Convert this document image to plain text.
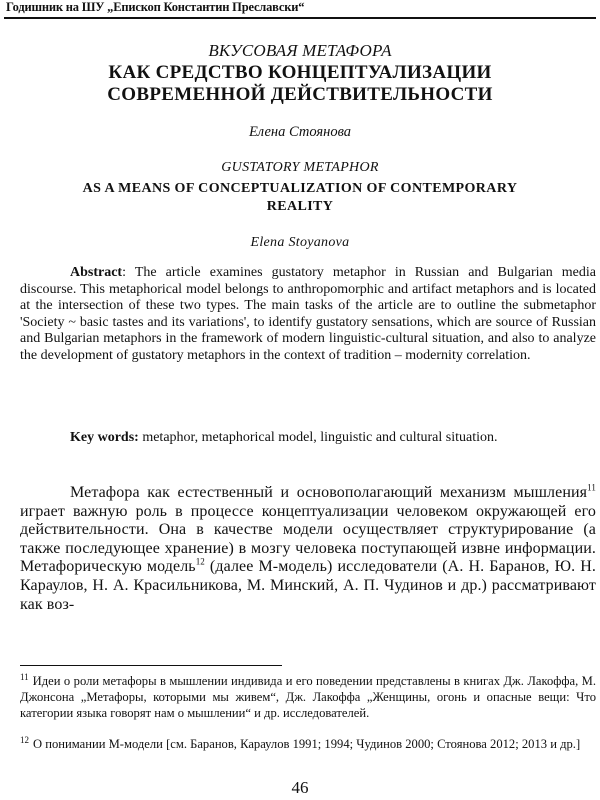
Годишник на ШУ „Епископ Константин Преславски“
ВКУСОВАЯ МЕТАФОРА
КАК СРЕДСТВО КОНЦЕПТУАЛИЗАЦИИ
СОВРЕМЕННОЙ ДЕЙСТВИТЕЛЬНОСТИ
Елена Стоянова
GUSTATORY METAPHOR
AS A MEANS OF CONCEPTUALIZATION OF CONTEMPORARY
REALITY
Elena Stoyanova
Abstract: The article examines gustatory metaphor in Russian and Bulgarian media discourse. This metaphorical model belongs to anthropomorphic and artifact metaphors and is located at the intersection of these two types. The main tasks of the article are to outline the submetaphor 'Society ~ basic tastes and its variations', to identify gustatory sensations, which are source of Russian and Bulgarian metaphors in the framework of modern linguistic-cultural situation, and also to analyze the development of gustatory metaphors in the context of tradition – modernity correlation.
Key words: metaphor, metaphorical model, linguistic and cultural situation.
Метафора как естественный и основополагающий механизм мышления$^{11}$ играет важную роль в процессе концептуализации человеком окружающей его действительности. Она в качестве модели осуществляет структурирование (а также последующее хранение) в мозгу человека поступающей извне информации. Метафорическую модель$^{12}$ (далее М-модель) исследователи (А. Н. Баранов, Ю. Н. Караулов, Н. А. Красильникова, М. Минский, А. П. Чудинов и др.) рассматривают как воз-
$^{11}$ Идеи о роли метафоры в мышлении индивида и его поведении представлены в книгах Дж. Лакоффа, М. Джонсона „Метафоры, которыми мы живем“, Дж. Лакоффа „Женщины, огонь и опасные вещи: Что категории языка говорят нам о мышлении“ и др. исследователей.
$^{12}$ О понимании М-модели [см. Баранов, Караулов 1991; 1994; Чудинов 2000; Стоянова 2012; 2013 и др.]
46
